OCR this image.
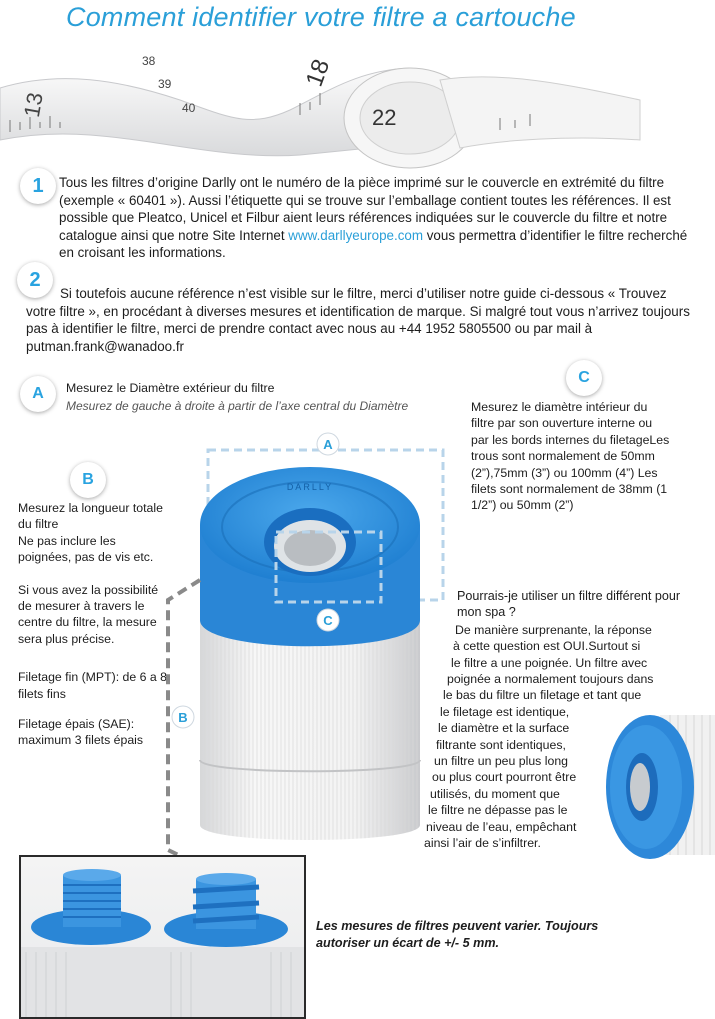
Comment identifier votre filtre a cartouche
13
38
39
40
18
22
1 Tous les filtres d’origine Darlly ont le numéro de la pièce imprimé sur le couvercle en extrémité du filtre (exemple « 60401 »). Aussi l’étiquette qui se trouve sur l’emballage contient toutes les références. Il est possible que Pleatco, Unicel et Filbur aient leurs références indiquées sur le couvercle du filtre et notre catalogue ainsi que notre Site Internet www.darllyeurope.com vous permettra d’identifier le filtre recherché en croisant les informations.
2
Si toutefois aucune référence n’est visible sur le filtre, merci d’utiliser notre guide ci-dessous « Trouvez votre filtre », en procédant à diverses mesures et identification de marque. Si malgré tout vous n’arrivez toujours pas à identifier le filtre, merci de prendre contact avec nous au +44 1952 5805500 ou par mail à putman.frank@wanadoo.fr
A Mesurez le Diamètre extérieur du filtre
Mesurez de gauche à droite à partir de l’axe central du Diamètre
C
Mesurez le diamètre intérieur du filtre par son ouverture interne ou par les bords internes du filetageLes trous sont normalement de 50mm (2”),75mm (3”) ou 100mm (4”) Les filets sont normalement de 38mm (1 1/2”) ou 50mm (2”)
B
Mesurez la longueur totale du filtre
Ne pas inclure les poignées, pas de vis etc.
Si vous avez la possibilité de mesurer à travers le centre du filtre, la mesure sera plus précise.
Filetage fin (MPT): de 6 a 8 filets fins
Filetage épais (SAE): maximum 3 filets épais
DARLLY
A
C
B
Pourrais-je utiliser un filtre différent pour mon spa ?
De manière surprenante, la réponse
à cette question est OUI.Surtout si
le filtre a une poignée. Un filtre avec
poignée a normalement toujours dans
le bas du filtre un filetage et tant que
le filetage est identique,
le diamètre et la surface
filtrante sont identiques,
un filtre un peu plus long
ou plus court pourront être
utilisés, du moment que
le filtre ne dépasse pas le
niveau de l’eau, empêchant
ainsi l’air de s’infiltrer.
Les mesures de filtres peuvent varier. Toujours autoriser un écart de +/- 5 mm.
